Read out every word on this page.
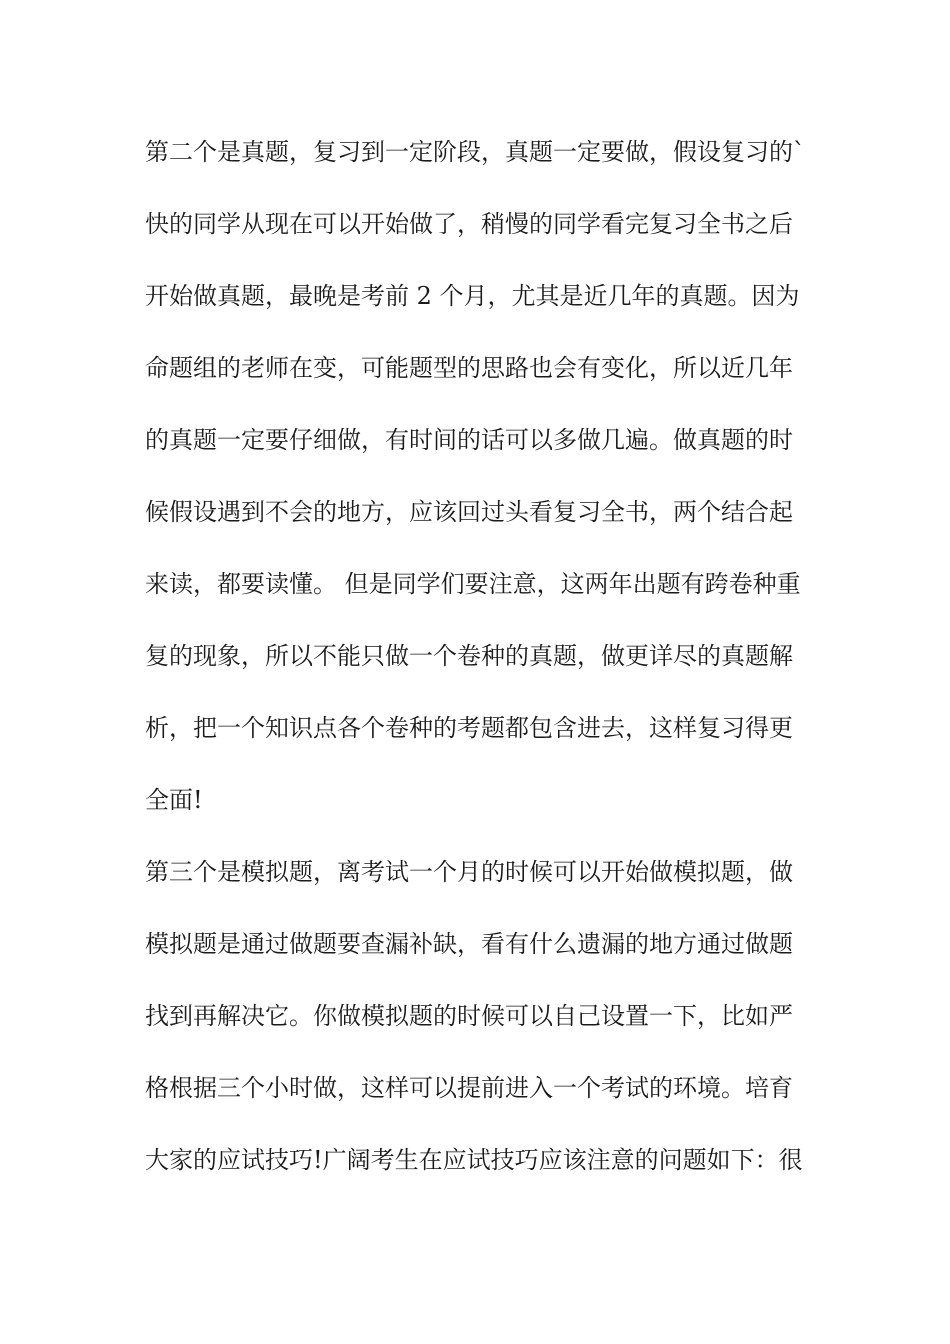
第二个是真题，复习到一定阶段，真题一定要做，假设复习的`
快的同学从现在可以开始做了，稍慢的同学看完复习全书之后
开始做真题，最晚是考前 2 个月，尤其是近几年的真题。因为
命题组的老师在变，可能题型的思路也会有变化，所以近几年
的真题一定要仔细做，有时间的话可以多做几遍。做真题的时
候假设遇到不会的地方，应该回过头看复习全书，两个结合起
来读，都要读懂。 但是同学们要注意，这两年出题有跨卷种重
复的现象，所以不能只做一个卷种的真题，做更详尽的真题解
析，把一个知识点各个卷种的考题都包含进去，这样复习得更
全面!
第三个是模拟题，离考试一个月的时候可以开始做模拟题，做
模拟题是通过做题要查漏补缺，看有什么遗漏的地方通过做题
找到再解决它。你做模拟题的时候可以自己设置一下，比如严
格根据三个小时做，这样可以提前进入一个考试的环境。培育
大家的应试技巧!广阔考生在应试技巧应该注意的问题如下：很
